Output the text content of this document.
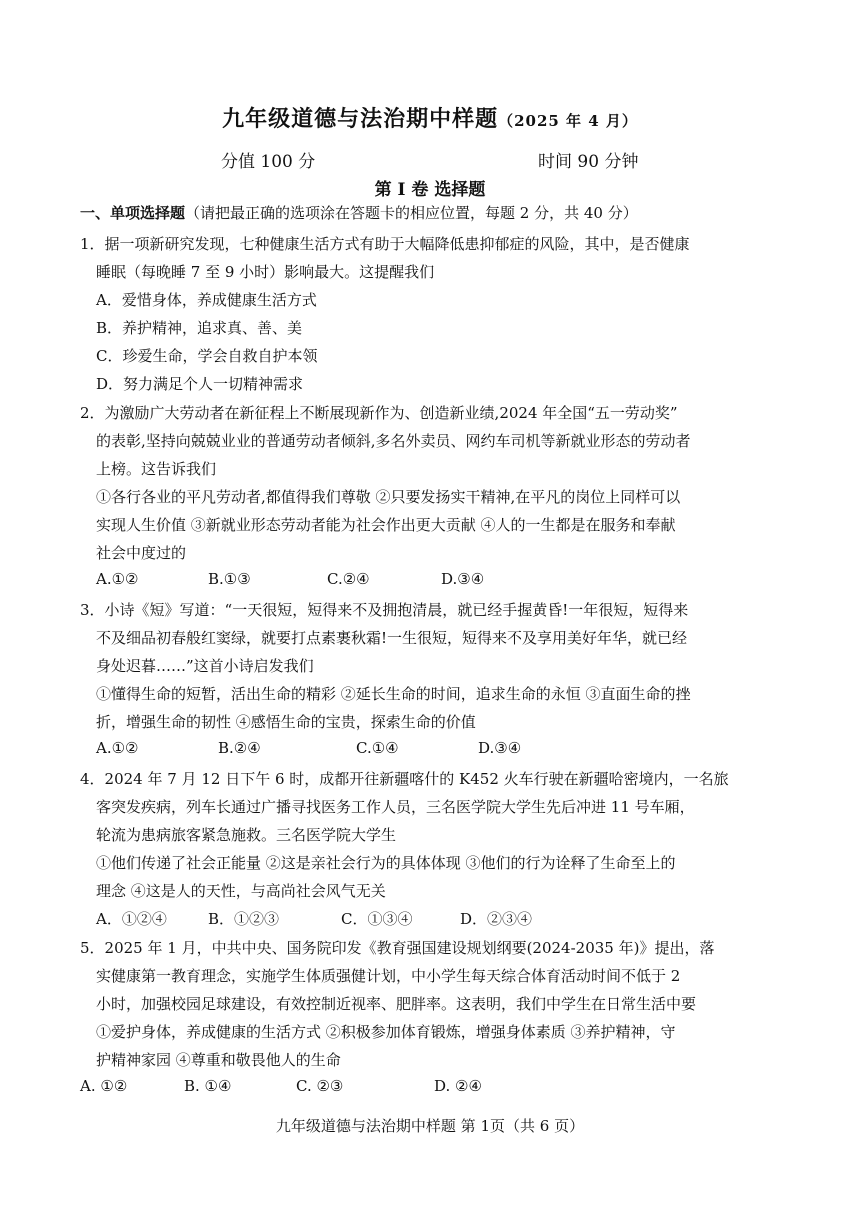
九年级道德与法治期中样题（2025 年 4 月）
分值 100 分	时间 90 分钟
第 I 卷 选择题
一、单项选择题（请把最正确的选项涂在答题卡的相应位置，每题 2 分，共 40 分）
1．据一项新研究发现，七种健康生活方式有助于大幅降低患抑郁症的风险，其中，是否健康
睡眠（每晚睡 7 至 9 小时）影响最大。这提醒我们
A．爱惜身体，养成健康生活方式
B．养护精神，追求真、善、美
C．珍爱生命，学会自救自护本领
D．努力满足个人一切精神需求
2．为激励广大劳动者在新征程上不断展现新作为、创造新业绩,2024 年全国“五一劳动奖”
的表彰,坚持向兢兢业业的普通劳动者倾斜,多名外卖员、网约车司机等新就业形态的劳动者
上榜。这告诉我们
①各行各业的平凡劳动者,都值得我们尊敬 ②只要发扬实干精神,在平凡的岗位上同样可以
实现人生价值 ③新就业形态劳动者能为社会作出更大贡献 ④人的一生都是在服务和奉献
社会中度过的
A.①②	B.①③	C.②④	D.③④
3．小诗《短》写道：“一天很短，短得来不及拥抱清晨，就已经手握黄昏!一年很短，短得来
不及细品初春般红窦绿，就要打点素裹秋霜!一生很短，短得来不及享用美好年华，就已经
身处迟暮……”这首小诗启发我们
①懂得生命的短暂，活出生命的精彩 ②延长生命的时间，追求生命的永恒 ③直面生命的挫
折，增强生命的韧性 ④感悟生命的宝贵，探索生命的价值
A.①②	B.②④	C.①④	D.③④
4．2024 年 7 月 12 日下午 6 时，成都开往新疆喀什的 K452 火车行驶在新疆哈密境内，一名旅
客突发疾病，列车长通过广播寻找医务工作人员，三名医学院大学生先后冲进 11 号车厢，
轮流为患病旅客紧急施救。三名医学院大学生
①他们传递了社会正能量 ②这是亲社会行为的具体体现 ③他们的行为诠释了生命至上的
理念 ④这是人的天性，与高尚社会风气无关
A．①②④	B．①②③	C．①③④	D．②③④
5．2025 年 1 月，中共中央、国务院印发《教育强国建设规划纲要(2024-2035 年)》提出，落
实健康第一教育理念，实施学生体质强健计划，中小学生每天综合体育活动时间不低于 2
小时，加强校园足球建设，有效控制近视率、肥胖率。这表明，我们中学生在日常生活中要
①爱护身体，养成健康的生活方式 ②积极参加体育锻炼，增强身体素质 ③养护精神，守
护精神家园 ④尊重和敬畏他人的生命
A. ①②	B. ①④	C. ②③	D. ②④
九年级道德与法治期中样题 第 1页（共 6 页）
